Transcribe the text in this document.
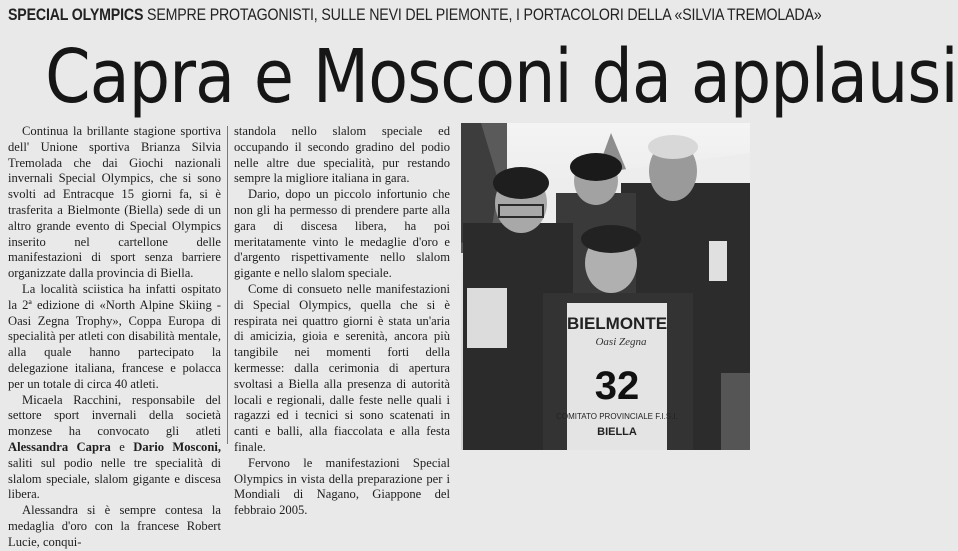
SPECIAL OLYMPICS SEMPRE PROTAGONISTI, SULLE NEVI DEL PIEMONTE, I PORTACOLORI DELLA «SILVIA TREMOLADA»
Capra e Mosconi da applausi

Continua la brillante stagione sportiva dell' Unione sportiva Brianza Silvia Tremolada che dai Giochi nazionali invernali Special Olympics, che si sono svolti ad Entracque 15 giorni fa, si è trasferita a Bielmonte (Biella) sede di un altro grande evento di Special Olympics inserito nel cartellone delle manifestazioni di sport senza barriere organizzate dalla provincia di Biella.

La località sciistica ha infatti ospitato la 2ª edizione di «North Alpine Skiing - Oasi Zegna Trophy», Coppa Europa di specialità per atleti con disabilità mentale, alla quale hanno partecipato la delegazione italiana, francese e polacca per un totale di circa 40 atleti.

Micaela Racchini, responsabile del settore sport invernali della società monzese ha convocato gli atleti Alessandra Capra e Dario Mosconi, saliti sul podio nelle tre specialità di slalom speciale, slalom gigante e discesa libera.

Alessandra si è sempre contesa la medaglia d'oro con la francese Robert Lucie, conqui-

standola nello slalom speciale ed occupando il secondo gradino del podio nelle altre due specialità, pur restando sempre la migliore italiana in gara.

Dario, dopo un piccolo infortunio che non gli ha permesso di prendere parte alla gara di discesa libera, ha poi meritatamente vinto le medaglie d'oro e d'argento rispettivamente nello slalom gigante e nello slalom speciale.

Come di consueto nelle manifestazioni di Special Olympics, quella che si è respirata nei quattro giorni è stata un'aria di amicizia, gioia e serenità, ancora più tangibile nei momenti forti della kermesse: dalla cerimonia di apertura svoltasi a Biella alla presenza di autorità locali e regionali, dalle feste nelle quali i ragazzi ed i tecnici si sono scatenati in canti e balli, alla fiaccolata e alla festa finale.

Fervono le manifestazioni Special Olympics in vista della preparazione per i Mondiali di Nagano, Giappone del febbraio 2005.

BIELMONTE
Oasi Zegna
32
COMITATO PROVINCIALE F.I.S.I.
BIELLA
